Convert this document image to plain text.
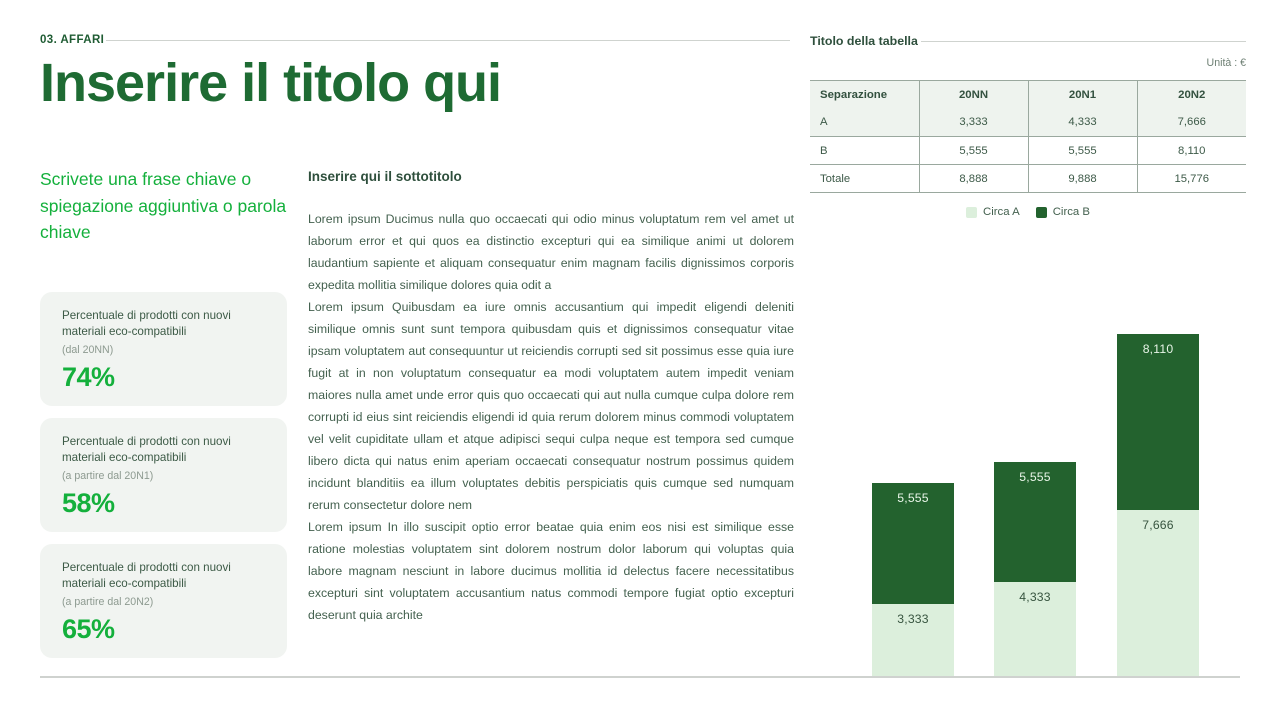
03. AFFARI
Inserire il titolo qui
Scrivete una frase chiave o spiegazione aggiuntiva o parola chiave
Percentuale di prodotti con nuovi materiali eco-compatibili
(dal 20NN)
74%
Percentuale di prodotti con nuovi materiali eco-compatibili
(a partire dal 20N1)
58%
Percentuale di prodotti con nuovi materiali eco-compatibili
(a partire dal 20N2)
65%
Inserire qui il sottotitolo

Lorem ipsum Ducimus nulla quo occaecati qui odio minus voluptatum rem vel amet ut laborum error et qui quos ea distinctio excepturi qui ea similique animi ut dolorem laudantium sapiente et aliquam consequatur enim magnam facilis dignissimos corporis expedita mollitia similique dolores quia odit a

Lorem ipsum Quibusdam ea iure omnis accusantium qui impedit eligendi deleniti similique omnis sunt sunt tempora quibusdam quis et dignissimos consequatur vitae ipsam voluptatem aut consequuntur ut reiciendis corrupti sed sit possimus esse quia iure fugit at in non voluptatum consequatur ea modi voluptatem autem impedit veniam maiores nulla amet unde error quis quo occaecati qui aut nulla cumque culpa dolore rem corrupti id eius sint reiciendis eligendi id quia rerum dolorem minus commodi voluptatem vel velit cupiditate ullam et atque adipisci sequi culpa neque est tempora sed cumque libero dicta qui natus enim aperiam occaecati consequatur nostrum possimus quidem incidunt blanditiis ea illum voluptates debitis perspiciatis quis cumque sed numquam rerum consectetur dolore nem

Lorem ipsum In illo suscipit optio error beatae quia enim eos nisi est similique esse ratione molestias voluptatem sint dolorem nostrum dolor laborum qui voluptas quia labore magnam nesciunt in labore ducimus mollitia id delectus facere necessitatibus excepturi sint voluptatem accusantium natus commodi tempore fugiat optio excepturi deserunt quia archite

Titolo della tabella
Unità : €
Separazione	20NN	20N1	20N2
A	3,333	4,333	7,666
B	5,555	5,555	8,110
Totale	8,888	9,888	15,776
Circa A	Circa B
5,555
3,333
5,555
4,333
8,110
7,666
